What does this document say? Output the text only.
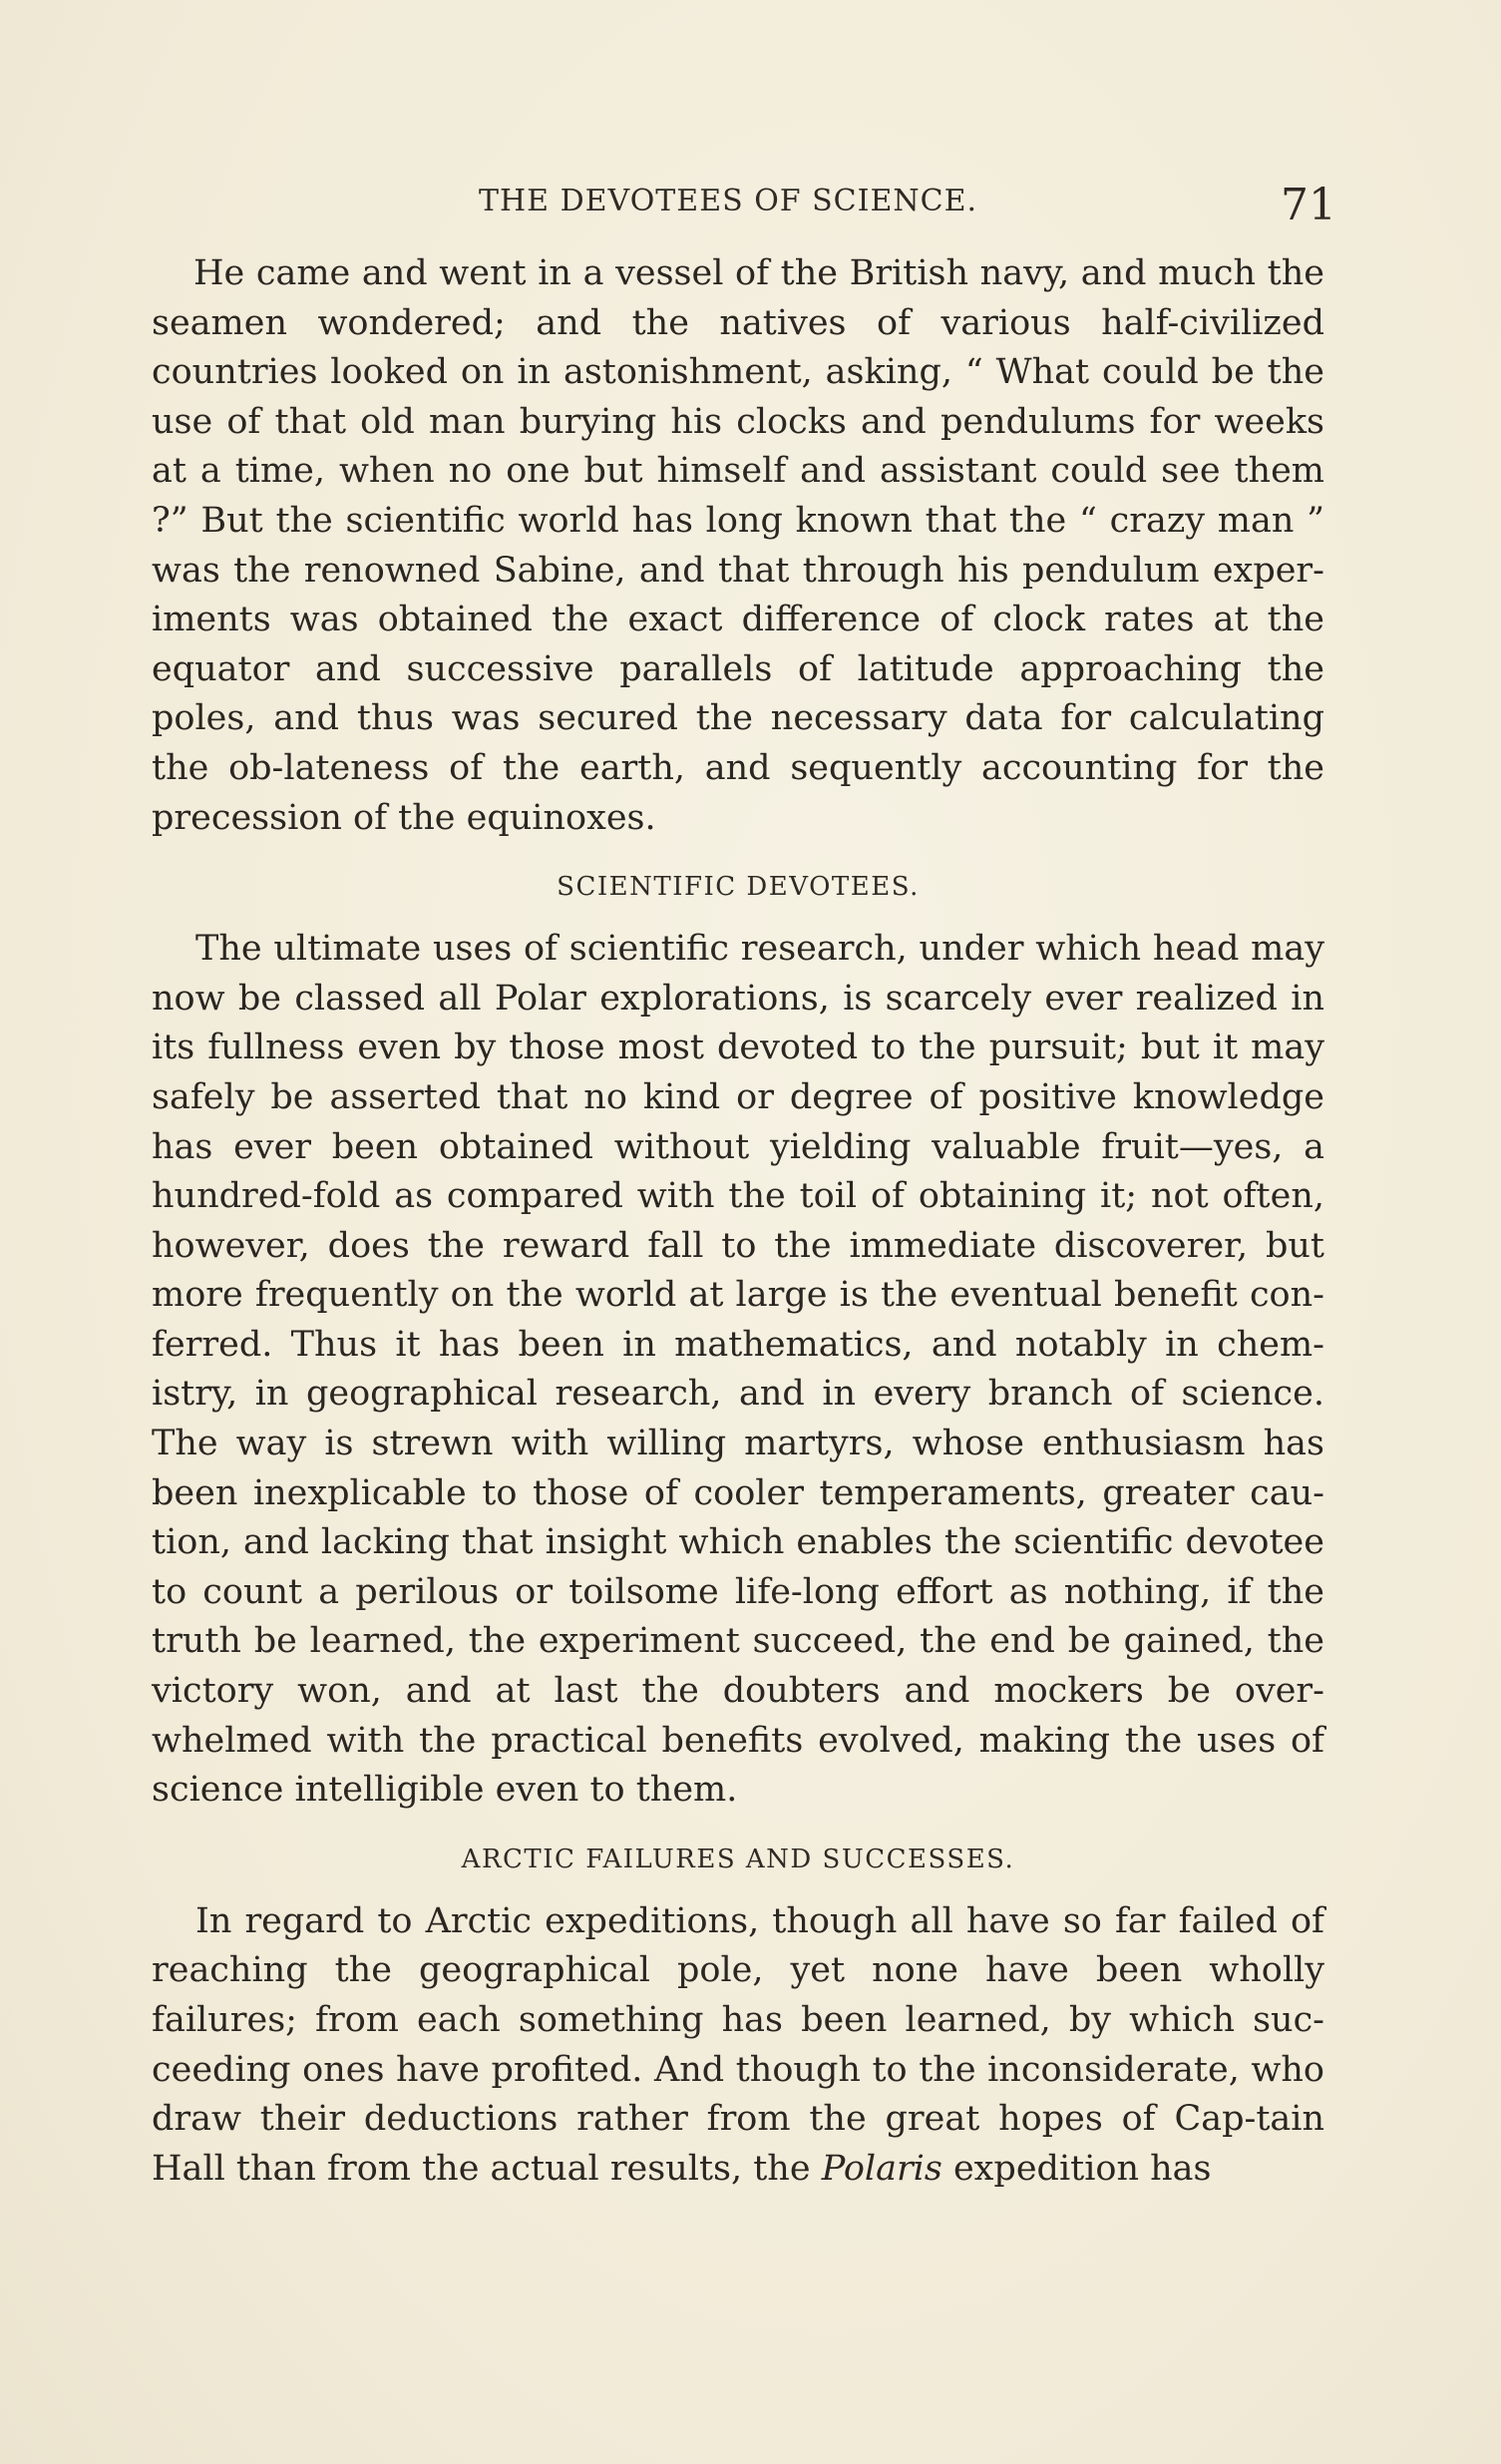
THE DEVOTEES OF SCIENCE.	71

He came and went in a vessel of the British navy, and much the seamen wondered; and the natives of various half-civilized countries looked on in astonishment, asking, “ What could be the use of that old man burying his clocks and pendulums for weeks at a time, when no one but himself and assistant could see them ?” But the scientific world has long known that the “ crazy man ” was the renowned Sabine, and that through his pendulum exper-iments was obtained the exact difference of clock rates at the equator and successive parallels of latitude approaching the poles, and thus was secured the necessary data for calculating the ob-lateness of the earth, and sequently accounting for the precession of the equinoxes.

SCIENTIFIC DEVOTEES.

The ultimate uses of scientific research, under which head may now be classed all Polar explorations, is scarcely ever realized in its fullness even by those most devoted to the pursuit; but it may safely be asserted that no kind or degree of positive knowledge has ever been obtained without yielding valuable fruit—yes, a hundred-fold as compared with the toil of obtaining it; not often, however, does the reward fall to the immediate discoverer, but more frequently on the world at large is the eventual benefit con-ferred. Thus it has been in mathematics, and notably in chem-istry, in geographical research, and in every branch of science. The way is strewn with willing martyrs, whose enthusiasm has been inexplicable to those of cooler temperaments, greater cau-tion, and lacking that insight which enables the scientific devotee to count a perilous or toilsome life-long effort as nothing, if the truth be learned, the experiment succeed, the end be gained, the victory won, and at last the doubters and mockers be over-whelmed with the practical benefits evolved, making the uses of science intelligible even to them.

ARCTIC FAILURES AND SUCCESSES.

In regard to Arctic expeditions, though all have so far failed of reaching the geographical pole, yet none have been wholly failures; from each something has been learned, by which suc-ceeding ones have profited. And though to the inconsiderate, who draw their deductions rather from the great hopes of Cap-tain Hall than from the actual results, the Polaris expedition has
